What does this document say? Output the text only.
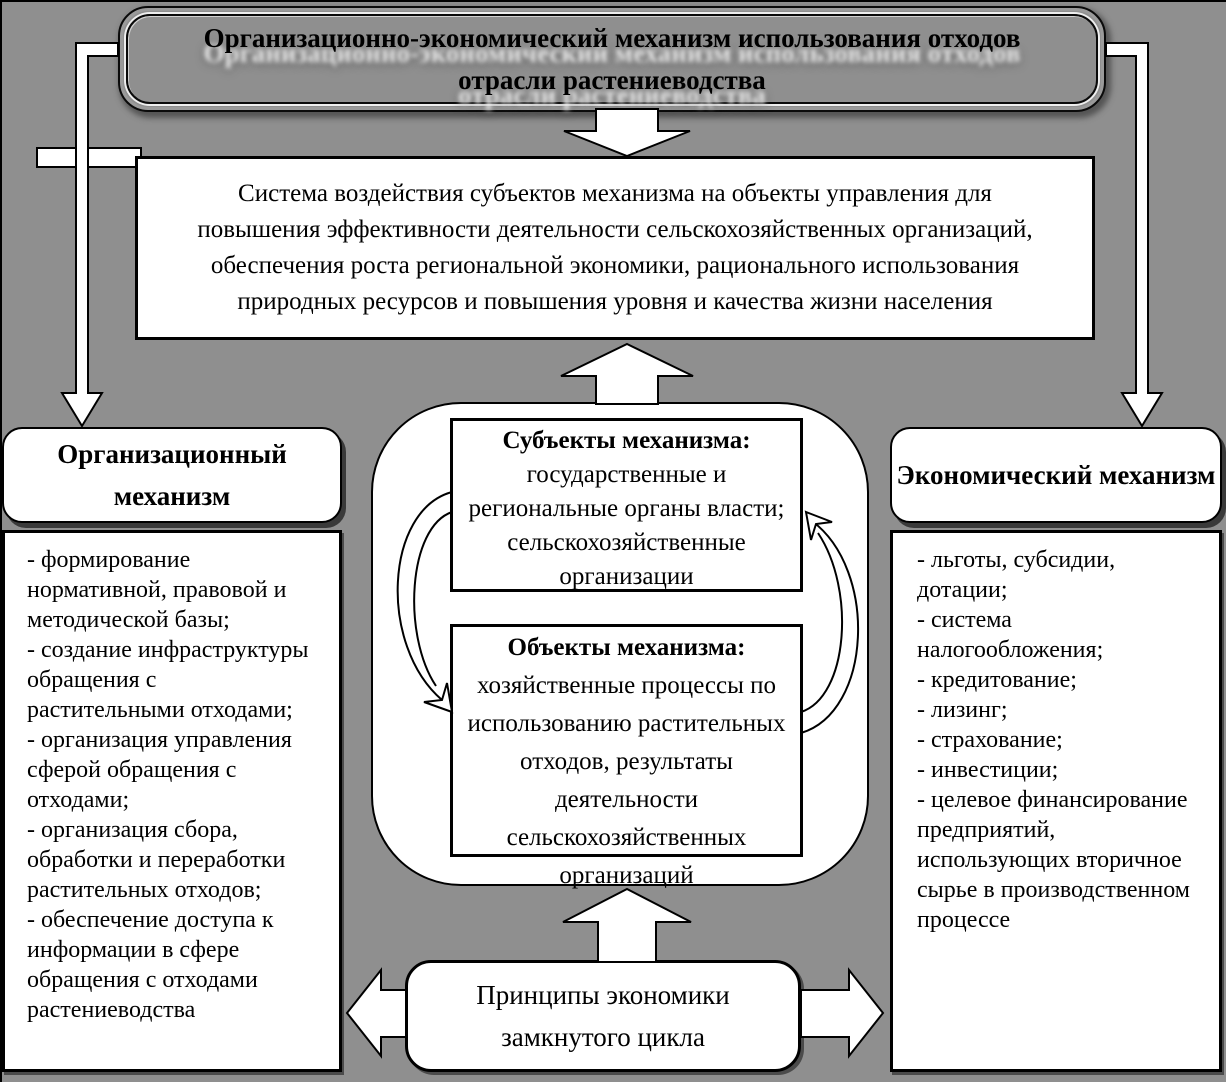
Организационно-экономический механизм использования отходов отрасли растениеводства
Система воздействия субъектов механизма на объекты управления для повышения эффективности деятельности сельскохозяйственных организаций, обеспечения роста региональной экономики, рационального использования природных ресурсов и повышения уровня и качества жизни населения
Субъекты механизма:
государственные и региональные органы власти; сельскохозяйственные организации
Объекты механизма:
хозяйственные процессы по использованию растительных отходов, результаты деятельности сельскохозяйственных организаций
Организационный механизм

- формирование нормативной, правовой и методической базы;

- создание инфраструктуры обращения с растительными отходами;

- организация управления сферой обращения с отходами;

- организация сбора, обработки и переработки растительных отходов;

- обеспечение доступа к информации в сфере обращения с отходами растениеводства

Экономический механизм

- льготы, субсидии, дотации;

- система налогообложения;

- кредитование;

- лизинг;

- страхование;

- инвестиции;

- целевое финансирование предприятий, использующих вторичное сырье в производственном процессе

Принципы экономики замкнутого цикла
